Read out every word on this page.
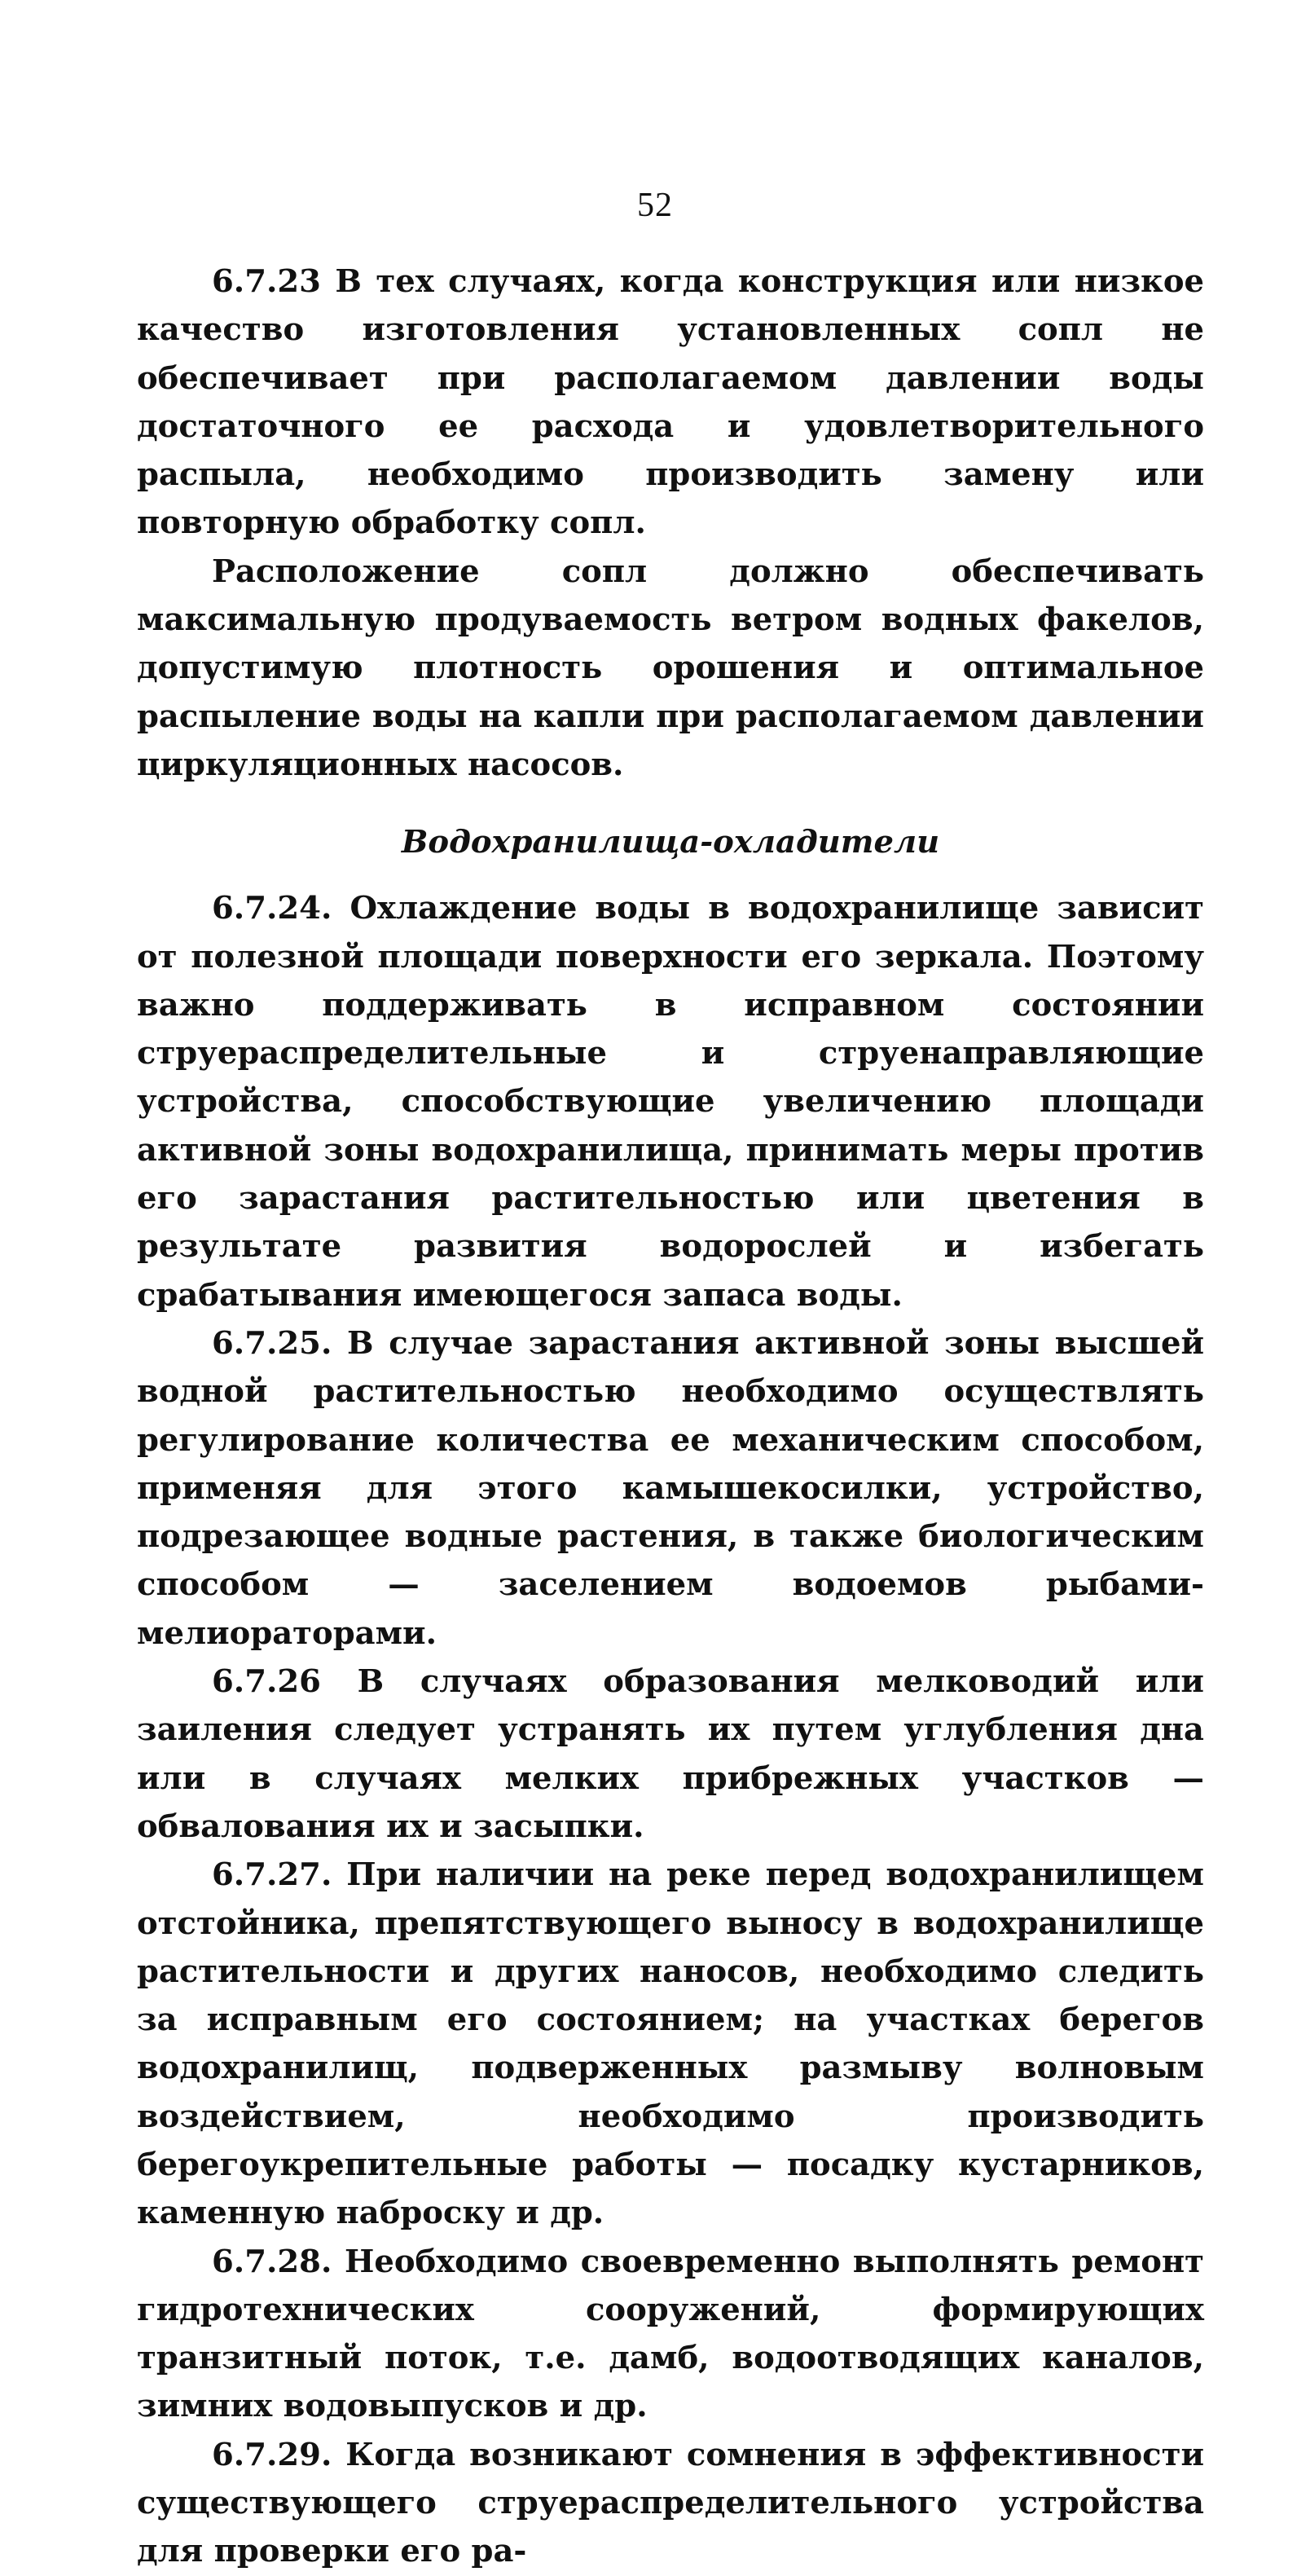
52

6.7.23 В тех случаях, когда конструкция или низкое качество изготовления установленных сопл не обеспечивает при располагаемом давлении воды достаточного ее расхода и удовлетворительного распыла, необходимо производить замену или повторную обработку сопл.

Расположение сопл должно обеспечивать максимальную продуваемость ветром водных факелов, допустимую плотность орошения и оптимальное распыление воды на капли при располагаемом давлении циркуляционных насосов.

Водохранилища-охладители

6.7.24. Охлаждение воды в водохранилище зависит от полезной площади поверхности его зеркала. Поэтому важно поддерживать в исправном состоянии струераспределительные и струенаправляющие устройства, способствующие увеличению площади активной зоны водохранилища, принимать меры против его зарастания растительностью или цветения в результате развития водорослей и избегать срабатывания имеющегося запаса воды.

6.7.25. В случае зарастания активной зоны высшей водной растительностью необходимо осуществлять регулирование количества ее механическим способом, применяя для этого камышекосилки, устройство, подрезающее водные растения, в также биологическим способом — заселением водоемов рыбами-мелиораторами.

6.7.26 В случаях образования мелководий или заиления следует устранять их путем углубления дна или в случаях мелких прибрежных участков — обвалования их и засыпки.

6.7.27. При наличии на реке перед водохранилищем отстойника, препятствующего выносу в водохранилище растительности и других наносов, необходимо следить за исправным его состоянием; на участках берегов водохранилищ, подверженных размыву волновым воздействием, необходимо производить берегоукрепительные работы — посадку кустарников, каменную наброску и др.

6.7.28. Необходимо своевременно выполнять ремонт гидротехнических сооружений, формирующих транзитный поток, т.е. дамб, водоотводящих каналов, зимних водовыпусков и др.

6.7.29. Когда возникают сомнения в эффективности существующего струераспределительного устройства для проверки его ра-
